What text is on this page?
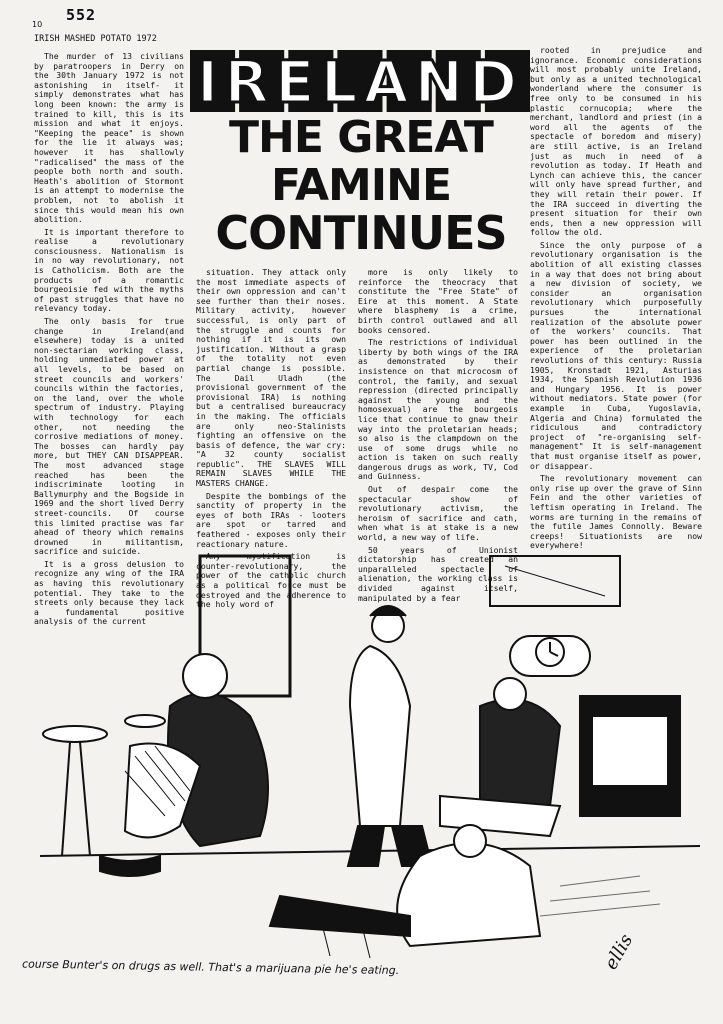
10
552
IRISH MASHED POTATO 1972
IRELAND
THE GREAT
FAMINE
CONTINUES

The murder of 13 civilians by paratroopers in Derry on the 30th January 1972 is not astonishing in itself- it simply demonstrates what has long been known: the army is trained to kill, this is its mission and what it enjoys. "Keeping the peace" is shown for the lie it always was; however it has shallowly "radicalised" the mass of the people both north and south. Heath's abolition of Stormont is an attempt to modernise the problem, not to abolish it since this would mean his own abolition.

It is important therefore to realise a revolutionary consciousness. Nationalism is in no way revolutionary, not is Catholicism. Both are the products of a romantic bourgeoisie fed with the myths of past struggles that have no relevancy today.

The only basis for true change in Ireland(and elsewhere) today is a united non-sectarian working class, holding unmediated power at all levels, to be based on street councils and workers' councils within the factories, on the land, over the whole spectrum of industry. Playing with technology for each other, not needing the corrosive mediations of money. The bosses can hardly pay more, but THEY CAN DISAPPEAR. The most advanced stage reached has been the indiscriminate looting in Ballymurphy and the Bogside in 1969 and the short lived Derry street-councils. Of course this limited practise was far ahead of theory which remains drowned in militantism, sacrifice and suicide.

It is a gross delusion to recognize any wing of the IRA as having this revolutionary potential. They take to the streets only because they lack a fundamental positive analysis of the current

situation. They attack only the most immediate aspects of their own oppression and can't see further than their noses. Military activity, however successful, is only part of the struggle and counts for nothing if it is its own justification. Without a grasp of the totality not even partial change is possible. The Dail Uladh (the provisional government of the provisional IRA) is nothing but a centralised bureaucracy in the making. The officials are only neo-Stalinists fighting an offensive on the basis of defence, the war cry: "A 32 county socialist republic". THE SLAVES WILL REMAIN SLAVES WHILE THE MASTERS CHANGE.

Despite the bombings of the sanctity of property in the eyes of both IRAs - looters are spot or tarred and feathered - exposes only their reactionary nature.

Any mystification is counter-revolutionary, the power of the catholic church as a political force must be destroyed and the adherence to the holy word of

more is only likely to reinforce the theocracy that constitute the "Free State" of Eire at this moment. A State where blasphemy is a crime, birth control outlawed and all books censored.

The restrictions of individual liberty by both wings of the IRA as demonstrated by their insistence on that microcosm of control, the family, and sexual repression (directed principally against the young and the homosexual) are the bourgeois lice that continue to gnaw their way into the proletarian heads; so also is the clampdown on the use of some drugs while no action is taken on such really dangerous drugs as work, TV, Cod and Guinness.

Out of despair come the spectacular show of revolutionary activism, the heroism of sacrifice and cath, when what is at stake is a new world, a new way of life.

50 years of Unionist dictatorship has created an unparalleled spectacle of alienation, the working class is divided against itself, manipulated by a fear

rooted in prejudice and ignorance. Economic considerations will most probably unite Ireland, but only as a united technological wonderland where the consumer is free only to be consumed in his plastic cornucopia; where the merchant, landlord and priest (in a word all the agents of the spectacle of boredom and misery) are still active, is an Ireland just as much in need of a revolution as today. If Heath and Lynch can achieve this, the cancer will only have spread further, and they will retain their power. If the IRA succeed in diverting the present situation for their own ends, then a new oppression will follow the old.

Since the only purpose of a revolutionary organisation is the abolition of all existing classes in a way that does not bring about a new division of society, we consider an organisation revolutionary which purposefully pursues the international realization of the absolute power of the workers' councils. That power has been outlined in the experience of the proletarian revolutions of this century: Russia 1905, Kronstadt 1921, Asturias 1934, the Spanish Revolution 1936 and Hungary 1956. It is power without mediators. State power (for example in Cuba, Yugoslavia, Algeria and China) formulated the ridiculous and contradictory project of "re-organising self-management" It is self-management that must organise itself as power, or disappear.

The revolutionary movement can only rise up over the grave of Sinn Fein and the other varieties of leftism operating in Ireland. The worms are turning in the remains of the futile James Connolly. Beware creeps! Situationists are now everywhere!

ellis
course Bunter's on drugs as well. That's a marijuana pie he's eating.
